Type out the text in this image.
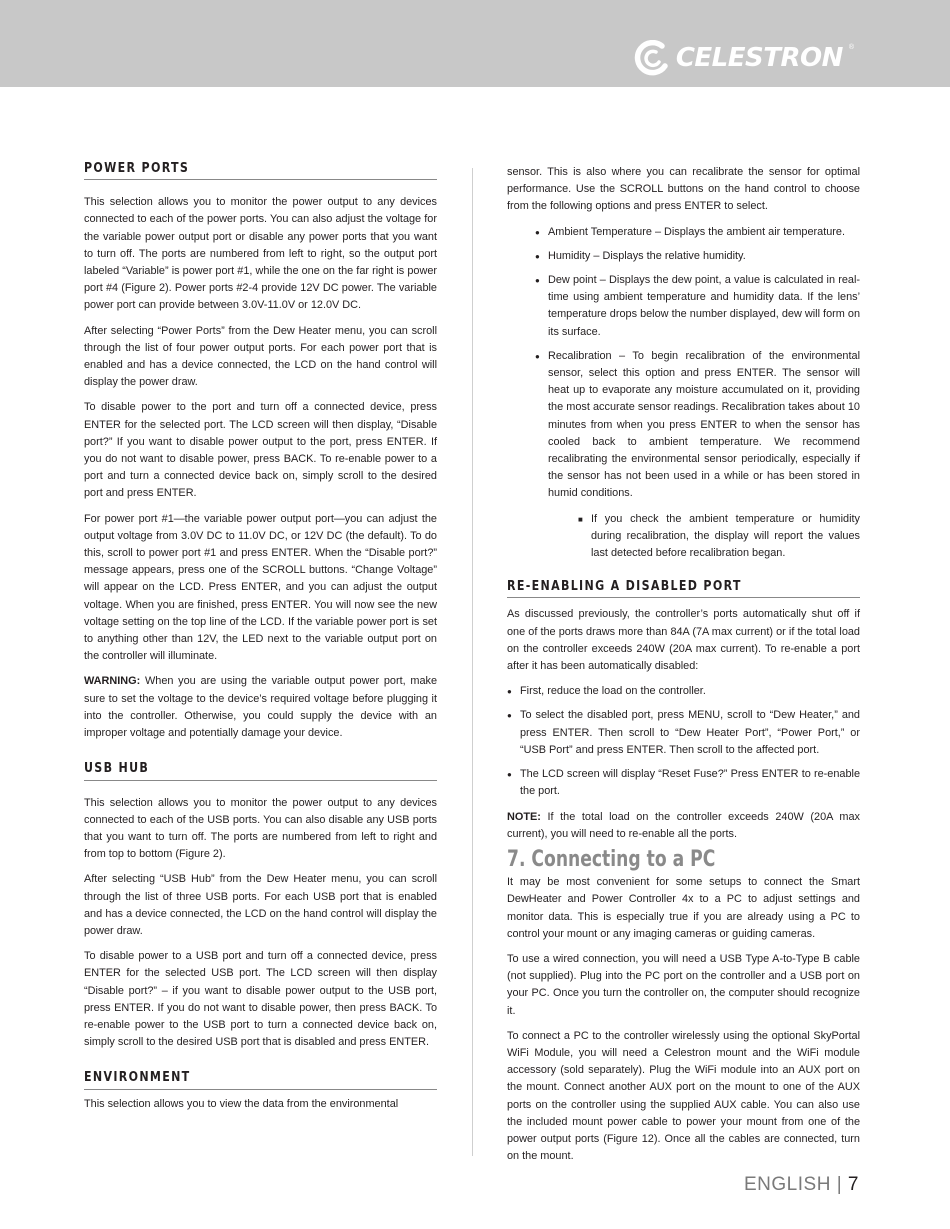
CELESTRON ®
POWER PORTS

This selection allows you to monitor the power output to any devices connected to each of the power ports. You can also adjust the voltage for the variable power output port or disable any power ports that you want to turn off. The ports are numbered from left to right, so the output port labeled “Variable” is power port #1, while the one on the far right is power port #4 (Figure 2). Power ports #2-4 provide 12V DC power. The variable power port can provide between 3.0V-11.0V or 12.0V DC.

After selecting “Power Ports” from the Dew Heater menu, you can scroll through the list of four power output ports. For each power port that is enabled and has a device connected, the LCD on the hand control will display the power draw.

To disable power to the port and turn off a connected device, press ENTER for the selected port. The LCD screen will then display, “Disable port?” If you want to disable power output to the port, press ENTER. If you do not want to disable power, press BACK. To re-enable power to a port and turn a connected device back on, simply scroll to the desired port and press ENTER.

For power port #1—the variable power output port—you can adjust the output voltage from 3.0V DC to 11.0V DC, or 12V DC (the default). To do this, scroll to power port #1 and press ENTER. When the “Disable port?” message appears, press one of the SCROLL buttons. “Change Voltage” will appear on the LCD. Press ENTER, and you can adjust the output voltage. When you are finished, press ENTER. You will now see the new voltage setting on the top line of the LCD. If the variable power port is set to anything other than 12V, the LED next to the variable output port on the controller will illuminate.

WARNING: When you are using the variable output power port, make sure to set the voltage to the device’s required voltage before plugging it into the controller. Otherwise, you could supply the device with an improper voltage and potentially damage your device.

USB HUB

This selection allows you to monitor the power output to any devices connected to each of the USB ports. You can also disable any USB ports that you want to turn off. The ports are numbered from left to right and from top to bottom (Figure 2).

After selecting “USB Hub” from the Dew Heater menu, you can scroll through the list of three USB ports. For each USB port that is enabled and has a device connected, the LCD on the hand control will display the power draw.

To disable power to a USB port and turn off a connected device, press ENTER for the selected USB port. The LCD screen will then display “Disable port?” – if you want to disable power output to the USB port, press ENTER. If you do not want to disable power, then press BACK. To re-enable power to the USB port to turn a connected device back on, simply scroll to the desired USB port that is disabled and press ENTER.

ENVIRONMENT

This selection allows you to view the data from the environmental

sensor. This is also where you can recalibrate the sensor for optimal performance. Use the SCROLL buttons on the hand control to choose from the following options and press ENTER to select.

● Ambient Temperature – Displays the ambient air temperature.
● Humidity – Displays the relative humidity.
● Dew point – Displays the dew point, a value is calculated in real-time using ambient temperature and humidity data. If the lens’ temperature drops below the number displayed, dew will form on its surface.
● Recalibration – To begin recalibration of the environmental sensor, select this option and press ENTER. The sensor will heat up to evaporate any moisture accumulated on it, providing the most accurate sensor readings. Recalibration takes about 10 minutes from when you press ENTER to when the sensor has cooled back to ambient temperature. We recommend recalibrating the environmental sensor periodically, especially if the sensor has not been used in a while or has been stored in humid conditions.
■ If you check the ambient temperature or humidity during recalibration, the display will report the values last detected before recalibration began.
RE-ENABLING A DISABLED PORT

As discussed previously, the controller’s ports automatically shut off if one of the ports draws more than 84A (7A max current) or if the total load on the controller exceeds 240W (20A max current). To re-enable a port after it has been automatically disabled:

● First, reduce the load on the controller.
● To select the disabled port, press MENU, scroll to “Dew Heater,” and press ENTER. Then scroll to “Dew Heater Port”, “Power Port,” or “USB Port” and press ENTER. Then scroll to the affected port.
● The LCD screen will display “Reset Fuse?” Press ENTER to re-enable the port.

NOTE: If the total load on the controller exceeds 240W (20A max current), you will need to re-enable all the ports.

7. Connecting to a PC

It may be most convenient for some setups to connect the Smart DewHeater and Power Controller 4x to a PC to adjust settings and monitor data. This is especially true if you are already using a PC to control your mount or any imaging cameras or guiding cameras.

To use a wired connection, you will need a USB Type A-to-Type B cable (not supplied). Plug into the PC port on the controller and a USB port on your PC. Once you turn the controller on, the computer should recognize it.

To connect a PC to the controller wirelessly using the optional SkyPortal WiFi Module, you will need a Celestron mount and the WiFi module accessory (sold separately). Plug the WiFi module into an AUX port on the mount. Connect another AUX port on the mount to one of the AUX ports on the controller using the supplied AUX cable. You can also use the included mount power cable to power your mount from one of the power output ports (Figure 12). Once all the cables are connected, turn on the mount.

ENGLISH | 7
